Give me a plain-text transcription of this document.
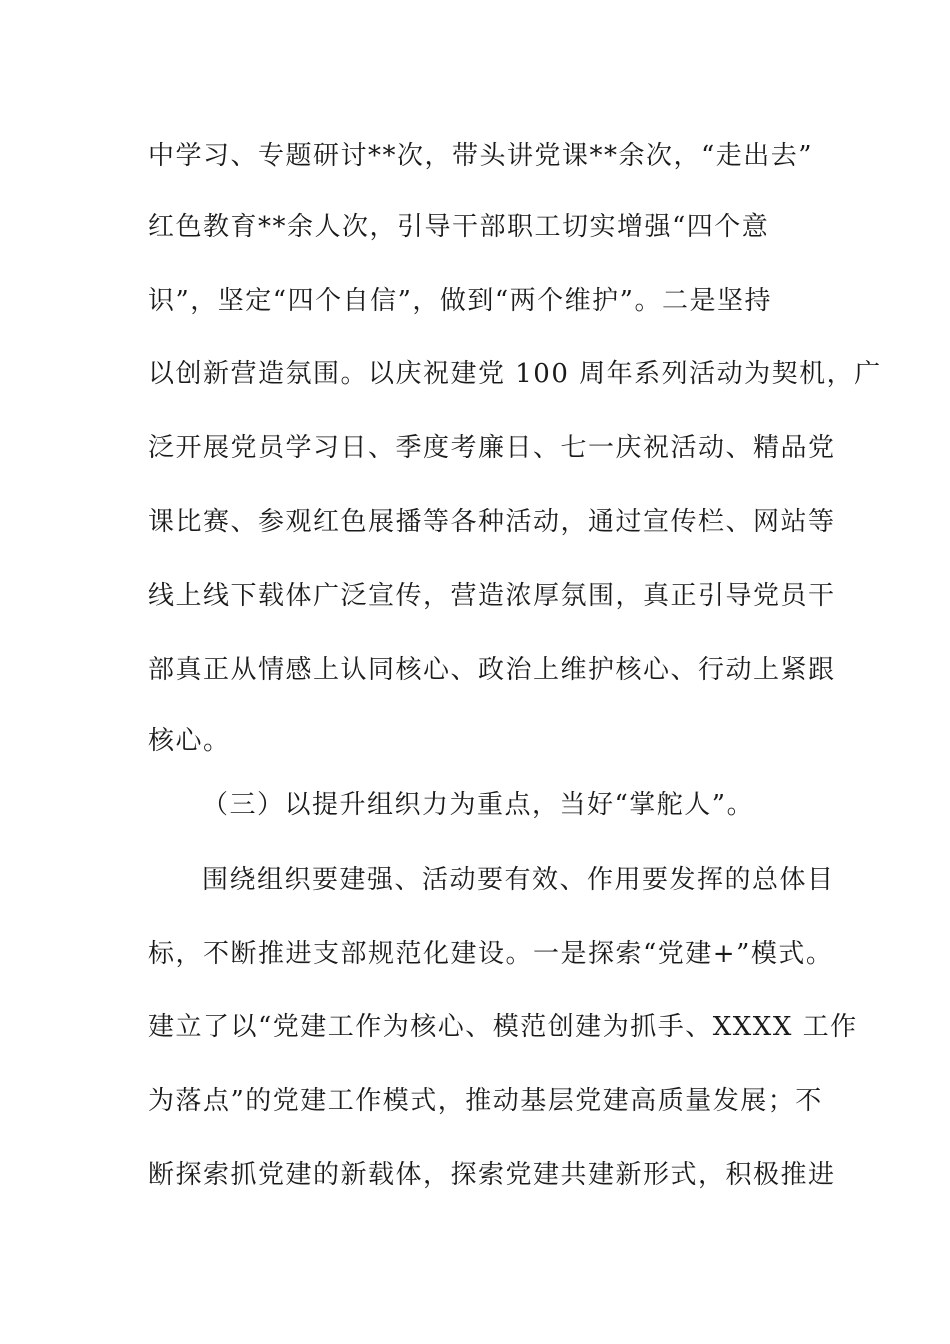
中学习、专题研讨**次，带头讲党课**余次，“走出去”
红色教育**余人次，引导干部职工切实增强“四个意
识”，坚定“四个自信”，做到“两个维护”。二是坚持
以创新营造氛围。以庆祝建党 100 周年系列活动为契机，广
泛开展党员学习日、季度考廉日、七一庆祝活动、精品党
课比赛、参观红色展播等各种活动，通过宣传栏、网站等
线上线下载体广泛宣传，营造浓厚氛围，真正引导党员干
部真正从情感上认同核心、政治上维护核心、行动上紧跟
核心。
（三）以提升组织力为重点，当好“掌舵人”。
围绕组织要建强、活动要有效、作用要发挥的总体目
标，不断推进支部规范化建设。一是探索“党建+”模式。
建立了以“党建工作为核心、模范创建为抓手、XXXX 工作
为落点”的党建工作模式，推动基层党建高质量发展；不
断探索抓党建的新载体，探索党建共建新形式，积极推进
